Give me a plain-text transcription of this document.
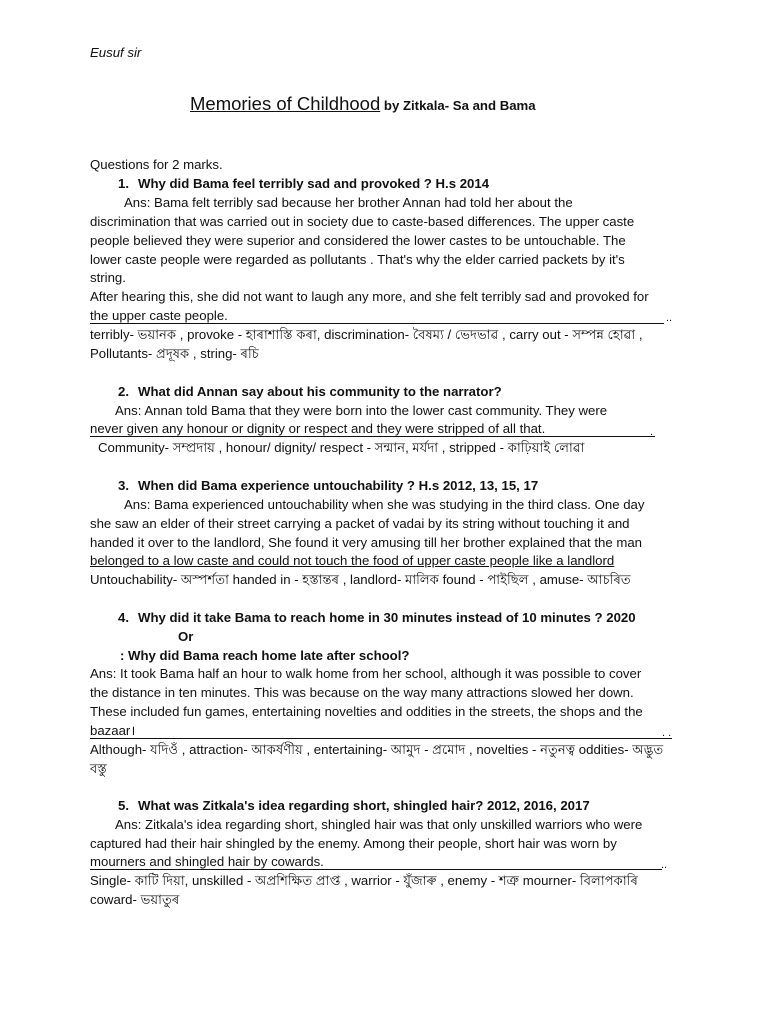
Eusuf sir
Memories of Childhood by Zitkala- Sa and Bama
Questions for 2 marks.
1. Why did Bama feel terribly sad and provoked ? H.s 2014
Ans: Bama felt terribly sad because her brother Annan had told her about the
discrimination that was carried out in society due to caste-based differences. The upper caste
people believed they were superior and considered the lower castes to be untouchable. The
lower caste people were regarded as pollutants . That's why the elder carried packets by it's
string.
After hearing this, she did not want to laugh any more, and she felt terribly sad and provoked for
the upper caste people.	..
terribly- ভয়ানক , provoke - হাৰাশাস্তি কৰা, discrimination- বৈষম্য / ভেদভাৱ , carry out - সম্পন্ন হোৱা ,
Pollutants- প্ৰদূষক , string- ৰচি
2. What did Annan say about his community to the narrator?
Ans: Annan told Bama that they were born into the lower cast community. They were
never given any honour or dignity or respect and they were stripped of all that.	.
Community- সম্প্ৰদায় , honour/ dignity/ respect - সন্মান, মৰ্যদা , stripped - কাঢ়িয়াই লোৱা
3. When did Bama experience untouchability ? H.s 2012, 13, 15, 17
Ans: Bama experienced untouchability when she was studying in the third class. One day
she saw an elder of their street carrying a packet of vadai by its string without touching it and
handed it over to the landlord, She found it very amusing till her brother explained that the man
belonged to a low caste and could not touch the food of upper caste people like a landlord
Untouchability- অস্পৰ্শতা handed in - হস্তান্তৰ , landlord- মালিক found - পাইছিল , amuse- আচৰিত
4. Why did it take Bama to reach home in 30 minutes instead of 10 minutes ? 2020
Or
: Why did Bama reach home late after school?
Ans: It took Bama half an hour to walk home from her school, although it was possible to cover
the distance in ten minutes. This was because on the way many attractions slowed her down.
These included fun games, entertaining novelties and oddities in the streets, the shops and the
bazaar।	. .
Although- যদিওঁ , attraction- আকৰ্ষণীয় , entertaining- আমুদ - প্ৰমোদ , novelties - নতুনত্ব oddities- অদ্ভুত
বস্তু
5. What was Zitkala's idea regarding short, shingled hair? 2012, 2016, 2017
Ans: Zitkala's idea regarding short, shingled hair was that only unskilled warriors who were
captured had their hair shingled by the enemy. Among their people, short hair was worn by
mourners and shingled hair by cowards.	..
Single- কাটি দিয়া, unskilled - অপ্ৰশিক্ষিত প্ৰাপ্ত , warrior - যুঁজাৰু , enemy - শত্ৰু mourner- বিলাপকাৰি
coward- ভয়াতুৰ
